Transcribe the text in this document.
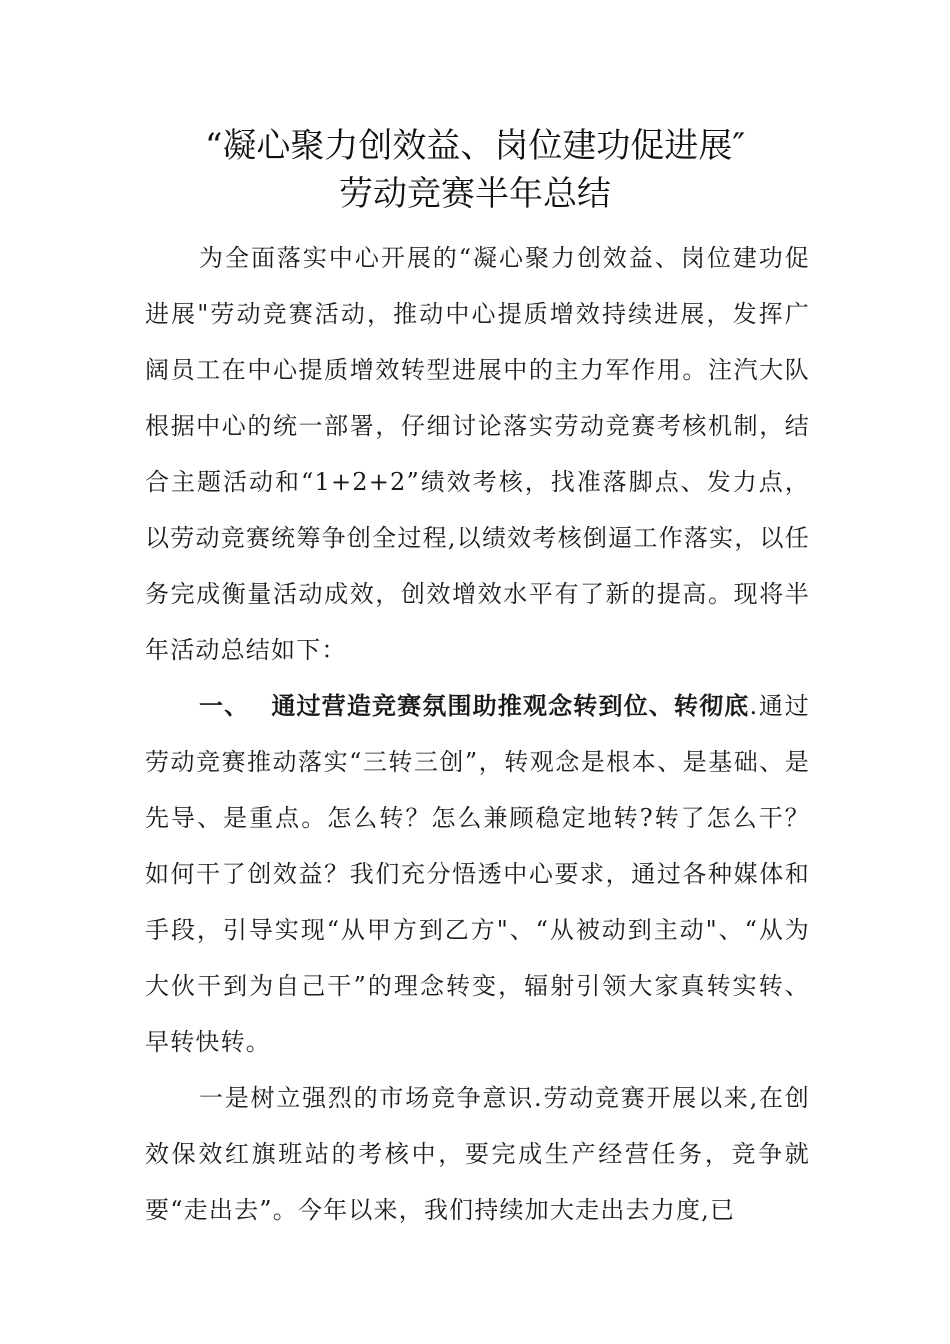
“凝心聚力创效益、岗位建功促进展″
劳动竞赛半年总结

为全面落实中心开展的“凝心聚力创效益、岗位建功促进展"劳动竞赛活动，推动中心提质增效持续进展，发挥广阔员工在中心提质增效转型进展中的主力军作用。注汽大队根据中心的统一部署，仔细讨论落实劳动竞赛考核机制，结合主题活动和“1+2+2”绩效考核，找准落脚点、发力点，以劳动竞赛统筹争创全过程,以绩效考核倒逼工作落实，以任务完成衡量活动成效，创效增效水平有了新的提高。现将半年活动总结如下：

一、 通过营造竞赛氛围助推观念转到位、转彻底.通过劳动竞赛推动落实“三转三创”，转观念是根本、是基础、是先导、是重点。怎么转？怎么兼顾稳定地转?转了怎么干？如何干了创效益？我们充分悟透中心要求，通过各种媒体和手段，引导实现“从甲方到乙方"、“从被动到主动"、“从为大伙干到为自己干”的理念转变，辐射引领大家真转实转、早转快转。

一是树立强烈的市场竞争意识.劳动竞赛开展以来,在创效保效红旗班站的考核中，要完成生产经营任务，竞争就要“走出去”。今年以来，我们持续加大走出去力度,已
